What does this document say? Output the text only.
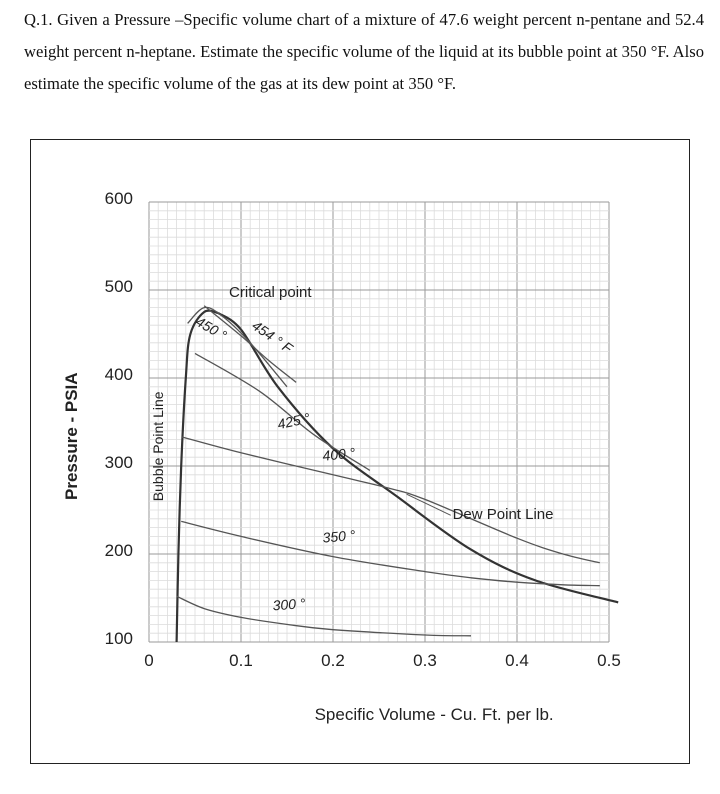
Q.1. Given a Pressure –Specific volume chart of a mixture of 47.6 weight percent n-pentane and 52.4 weight percent n-heptane. Estimate the specific volume of the liquid at its bubble point at 350 °F. Also estimate the specific volume of the gas at its dew point at 350 °F.
0	0.1	0.2	0.3	0.4	0.5
100
200
300
400
500
600
300 °
350 °
400 °
425 °
450 ° 454 ° F
Critical point
Dew Point Line
Bubble Point Line
Specific Volume - Cu. Ft. per lb.
Pressure - PSIA
